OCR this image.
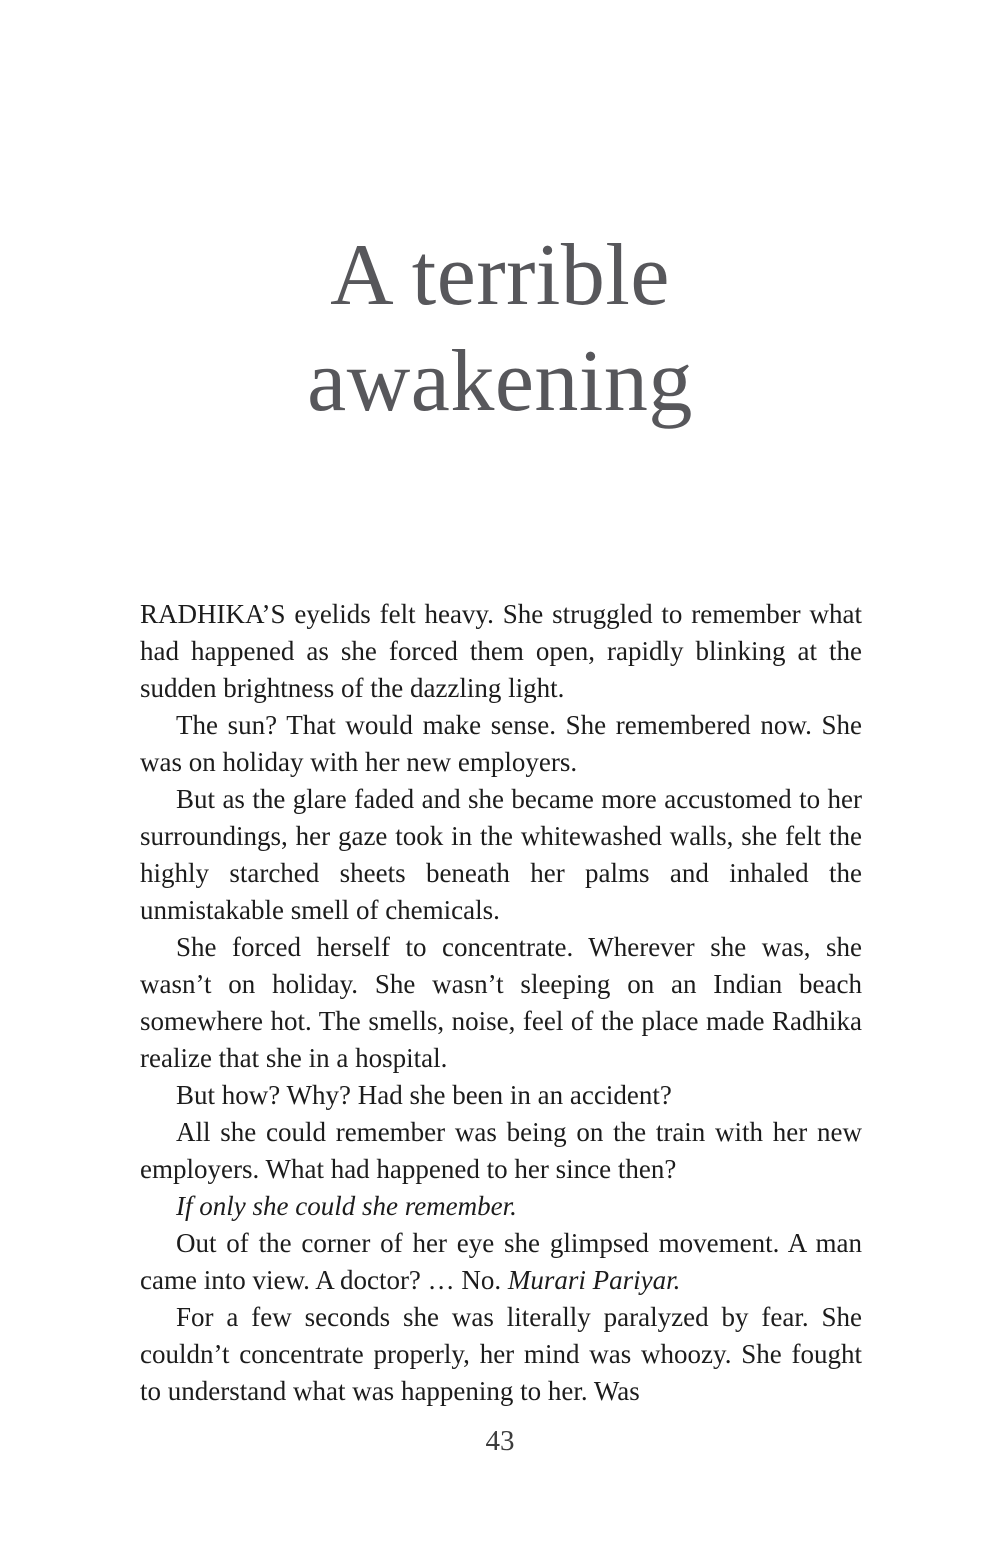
A terrible
awakening

RADHIKA’S eyelids felt heavy. She struggled to remember what had happened as she forced them open, rapidly blinking at the sudden brightness of the dazzling light.

The sun? That would make sense. She remembered now. She was on holiday with her new employers.

But as the glare faded and she became more accustomed to her surroundings, her gaze took in the whitewashed walls, she felt the highly starched sheets beneath her palms and inhaled the unmistakable smell of chemicals.

She forced herself to concentrate. Wherever she was, she wasn’t on holiday. She wasn’t sleeping on an Indian beach somewhere hot. The smells, noise, feel of the place made Radhika realize that she in a hospital.

But how? Why? Had she been in an accident?

All she could remember was being on the train with her new employers. What had happened to her since then?

If only she could she remember.

Out of the corner of her eye she glimpsed movement. A man came into view. A doctor? … No. Murari Pariyar.

For a few seconds she was literally paralyzed by fear. She couldn’t concentrate properly, her mind was whoozy. She fought to understand what was happening to her. Was

43
